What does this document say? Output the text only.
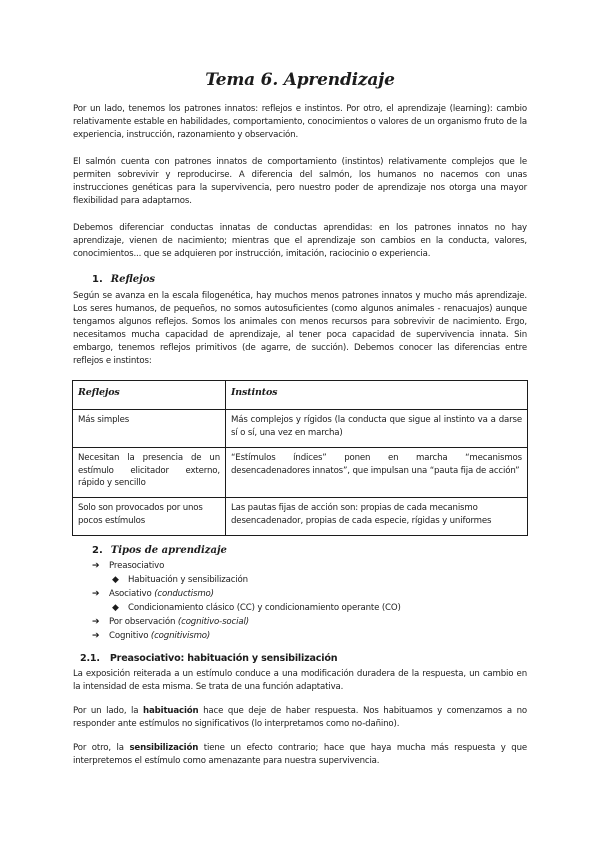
Tema 6. Aprendizaje

Por un lado, tenemos los patrones innatos: reflejos e instintos. Por otro, el aprendizaje (learning): cambio relativamente estable en habilidades, comportamiento, conocimientos o valores de un organismo fruto de la experiencia, instrucción, razonamiento y observación.

El salmón cuenta con patrones innatos de comportamiento (instintos) relativamente complejos que le permiten sobrevivir y reproducirse. A diferencia del salmón, los humanos no nacemos con unas instrucciones genéticas para la supervivencia, pero nuestro poder de aprendizaje nos otorga una mayor flexibilidad para adaptarnos.

Debemos diferenciar conductas innatas de conductas aprendidas: en los patrones innatos no hay aprendizaje, vienen de nacimiento; mientras que el aprendizaje son cambios en la conducta, valores, conocimientos... que se adquieren por instrucción, imitación, raciocinio o experiencia.

1. Reflejos

Según se avanza en la escala filogenética, hay muchos menos patrones innatos y mucho más aprendizaje. Los seres humanos, de pequeños, no somos autosuficientes (como algunos animales - renacuajos) aunque tengamos algunos reflejos. Somos los animales con menos recursos para sobrevivir de nacimiento. Ergo, necesitamos mucha capacidad de aprendizaje, al tener poca capacidad de supervivencia innata. Sin embargo, tenemos reflejos primitivos (de agarre, de succión). Debemos conocer las diferencias entre reflejos e instintos:

Reflejos	Instintos
Más simples	Más complejos y rígidos (la conducta que sigue al instinto va a darse sí o sí, una vez en marcha)
Necesitan la presencia de un estímulo elicitador externo, rápido y sencillo	“Estímulos índices” ponen en marcha “mecanismos desencadenadores innatos”, que impulsan una “pauta fija de acción”
Solo son provocados por unos pocos estímulos	Las pautas fijas de acción son: propias de cada mecanismo desencadenador, propias de cada especie, rígidas y uniformes
2. Tipos de aprendizaje
➔ Preasociativo
◆ Habituación y sensibilización
➔ Asociativo (conductismo)
◆ Condicionamiento clásico (CC) y condicionamiento operante (CO)
➔ Por observación (cognitivo-social)
➔ Cognitivo (cognitivismo)
2.1. Preasociativo: habituación y sensibilización

La exposición reiterada a un estímulo conduce a una modificación duradera de la respuesta, un cambio en la intensidad de esta misma. Se trata de una función adaptativa.

Por un lado, la habituación hace que deje de haber respuesta. Nos habituamos y comenzamos a no responder ante estímulos no significativos (lo interpretamos como no-dañino).

Por otro, la sensibilización tiene un efecto contrario; hace que haya mucha más respuesta y que interpretemos el estímulo como amenazante para nuestra supervivencia.
